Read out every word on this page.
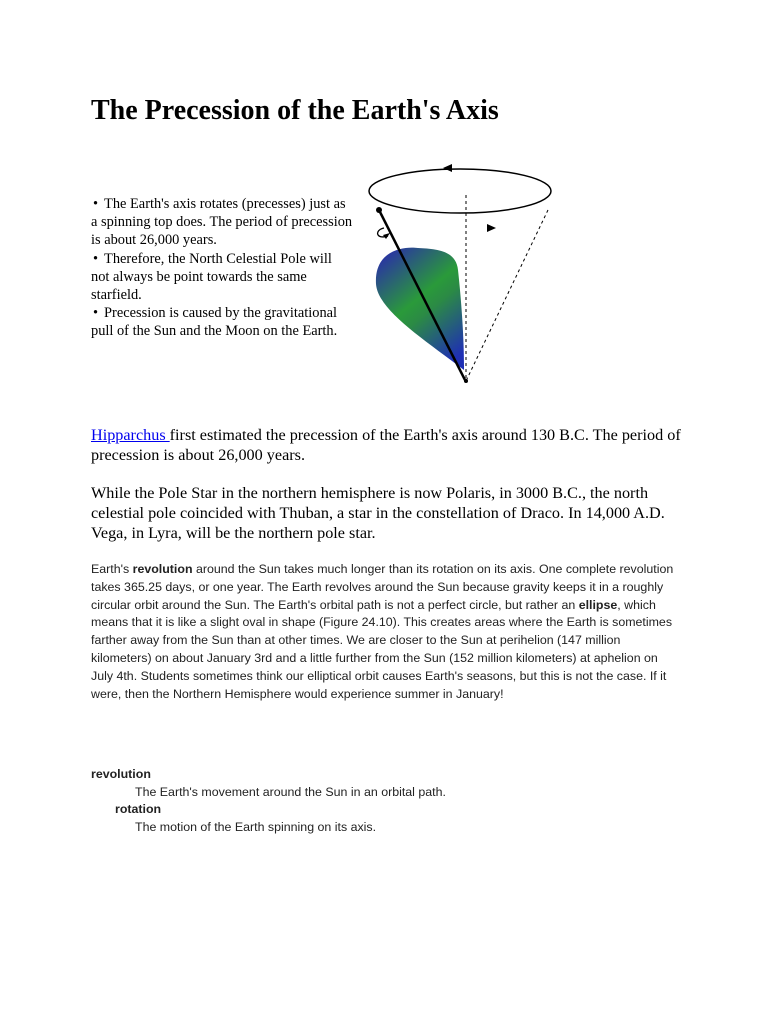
The Precession of the Earth's Axis
• The Earth's axis rotates (precesses) just as a spinning top does. The period of precession is about 26,000 years.
• Therefore, the North Celestial Pole will not always be point towards the same starfield.
• Precession is caused by the gravitational pull of the Sun and the Moon on the Earth.

Hipparchus first estimated the precession of the Earth's axis around 130 B.C. The period of precession is about 26,000 years.

While the Pole Star in the northern hemisphere is now Polaris, in 3000 B.C., the north celestial pole coincided with Thuban, a star in the constellation of Draco. In 14,000 A.D. Vega, in Lyra, will be the northern pole star.

Earth's revolution around the Sun takes much longer than its rotation on its axis. One complete revolution takes 365.25 days, or one year. The Earth revolves around the Sun because gravity keeps it in a roughly circular orbit around the Sun. The Earth's orbital path is not a perfect circle, but rather an ellipse, which means that it is like a slight oval in shape (Figure 24.10). This creates areas where the Earth is sometimes farther away from the Sun than at other times. We are closer to the Sun at perihelion (147 million kilometers) on about January 3rd and a little further from the Sun (152 million kilometers) at aphelion on July 4th. Students sometimes think our elliptical orbit causes Earth's seasons, but this is not the case. If it were, then the Northern Hemisphere would experience summer in January!

revolution
The Earth's movement around the Sun in an orbital path.
rotation
The motion of the Earth spinning on its axis.
